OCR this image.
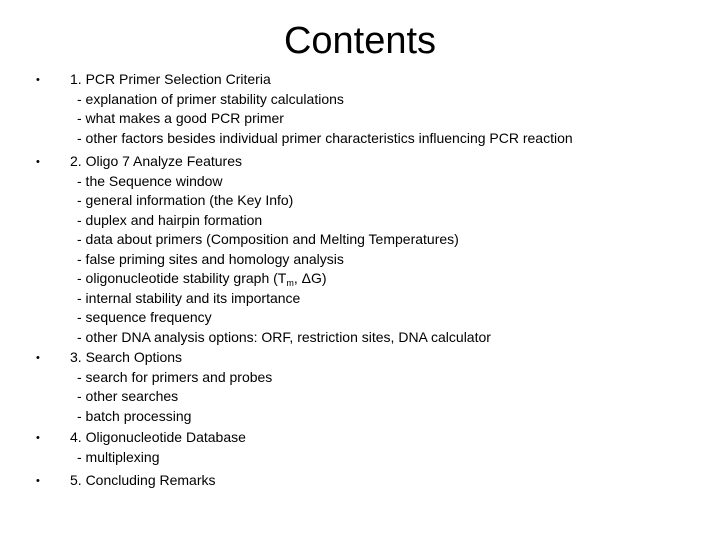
Contents
• 1. PCR Primer Selection Criteria
- explanation of primer stability calculations
- what makes a good PCR primer
- other factors besides individual primer characteristics influencing PCR reaction
• 2. Oligo 7 Analyze Features
- the Sequence window
- general information (the Key Info)
- duplex and hairpin formation
- data about primers (Composition and Melting Temperatures)
- false priming sites and homology analysis
- oligonucleotide stability graph ($T_m$, ΔG)
- internal stability and its importance
- sequence frequency
- other DNA analysis options: ORF, restriction sites, DNA calculator
• 3. Search Options
- search for primers and probes
- other searches
- batch processing
• 4. Oligonucleotide Database
- multiplexing
• 5. Concluding Remarks
